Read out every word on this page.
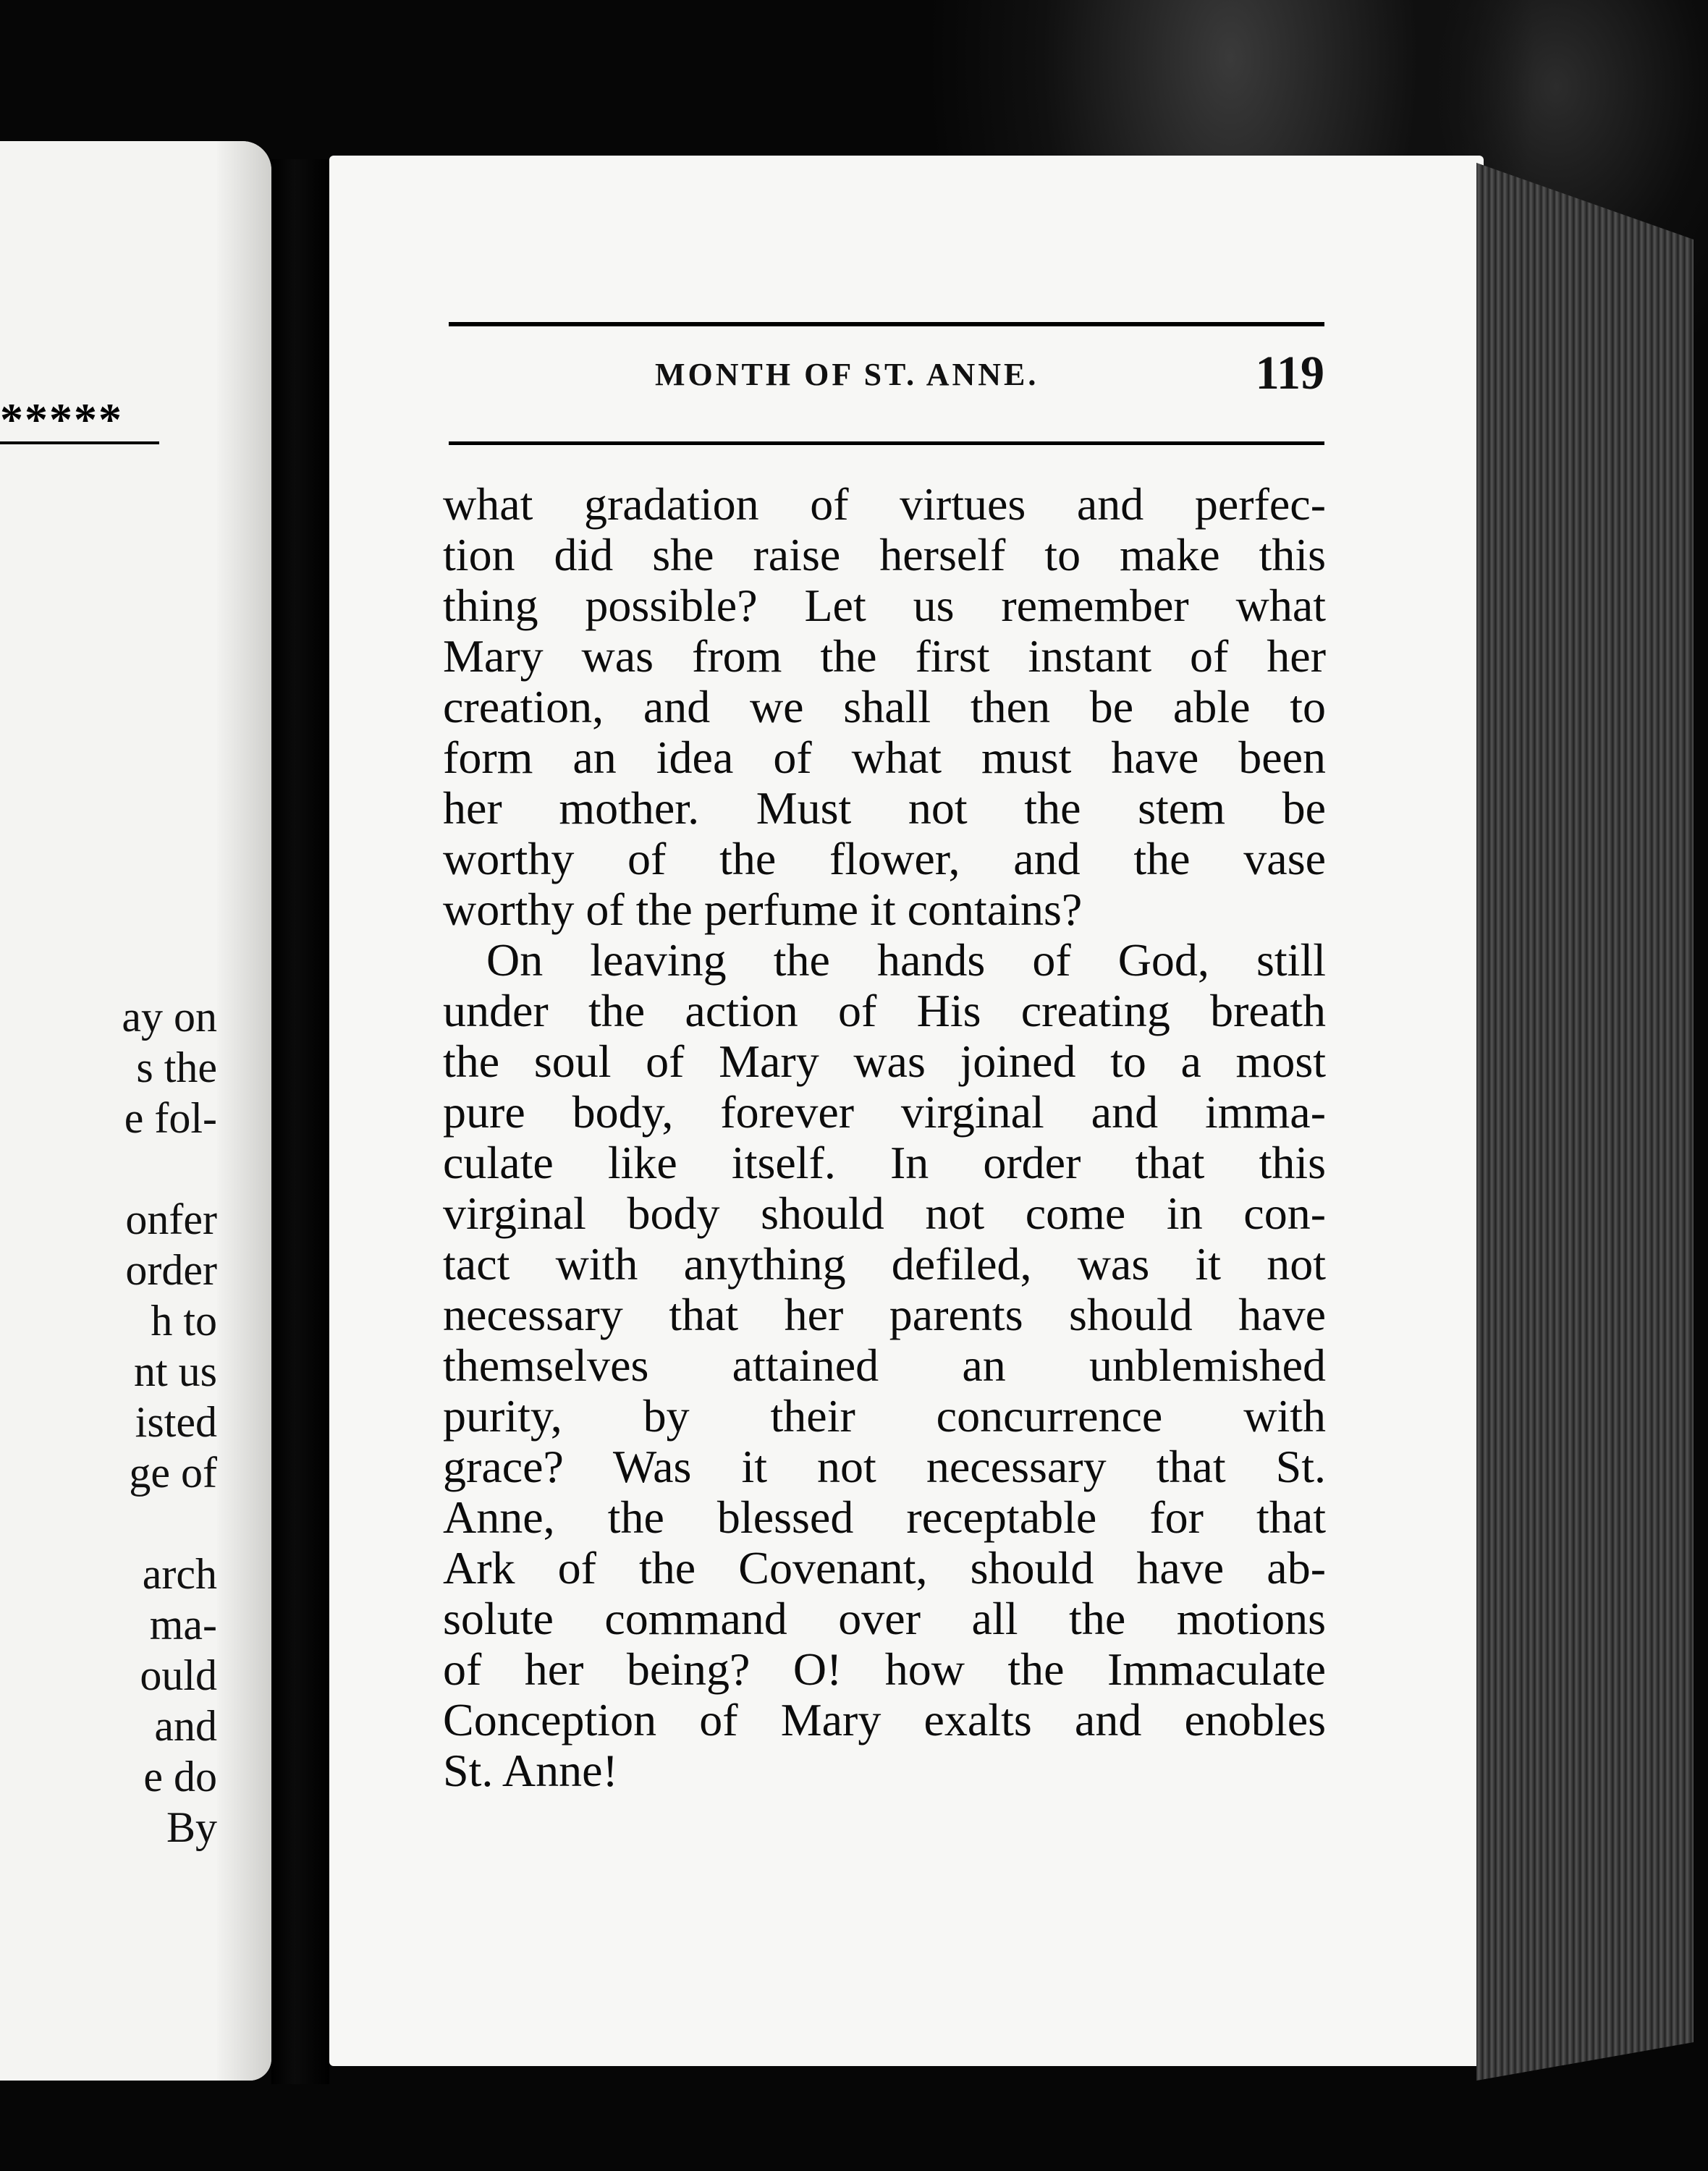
*****
ay on
s the
e fol-
onfer
order
h to
nt us
isted
ge of
arch
ma-
ould
and
e do
By
MONTH OF ST. ANNE.	119
what gradation of virtues and perfec-
tion did she raise herself to make this
thing possible? Let us remember what
Mary was from the first instant of her
creation, and we shall then be able to
form an idea of what must have been
her mother. Must not the stem be
worthy of the flower, and the vase
worthy of the perfume it contains?
On leaving the hands of God, still
under the action of His creating breath
the soul of Mary was joined to a most
pure body, forever virginal and imma-
culate like itself. In order that this
virginal body should not come in con-
tact with anything defiled, was it not
necessary that her parents should have
themselves attained an unblemished
purity, by their concurrence with
grace? Was it not necessary that St.
Anne, the blessed receptable for that
Ark of the Covenant, should have ab-
solute command over all the motions
of her being? O! how the Immaculate
Conception of Mary exalts and enobles
St. Anne!
